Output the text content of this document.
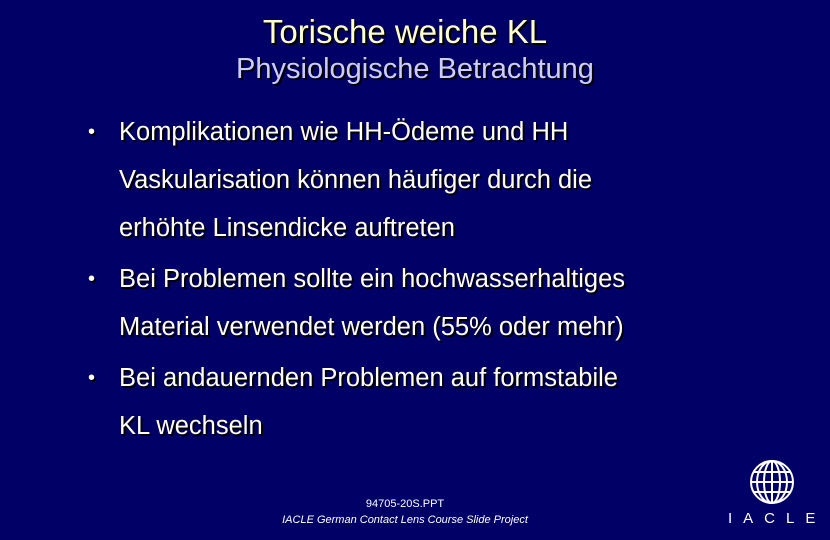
Torische weiche KL
Physiologische Betrachtung
• Komplikationen wie HH-Ödeme und HH
Vaskularisation können häufiger durch die
erhöhte Linsendicke auftreten
• Bei Problemen sollte ein hochwasserhaltiges
Material verwendet werden (55% oder mehr)
• Bei andauernden Problemen auf formstabile
KL wechseln
94705-20S.PPT
IACLE German Contact Lens Course Slide Project	IACLE
